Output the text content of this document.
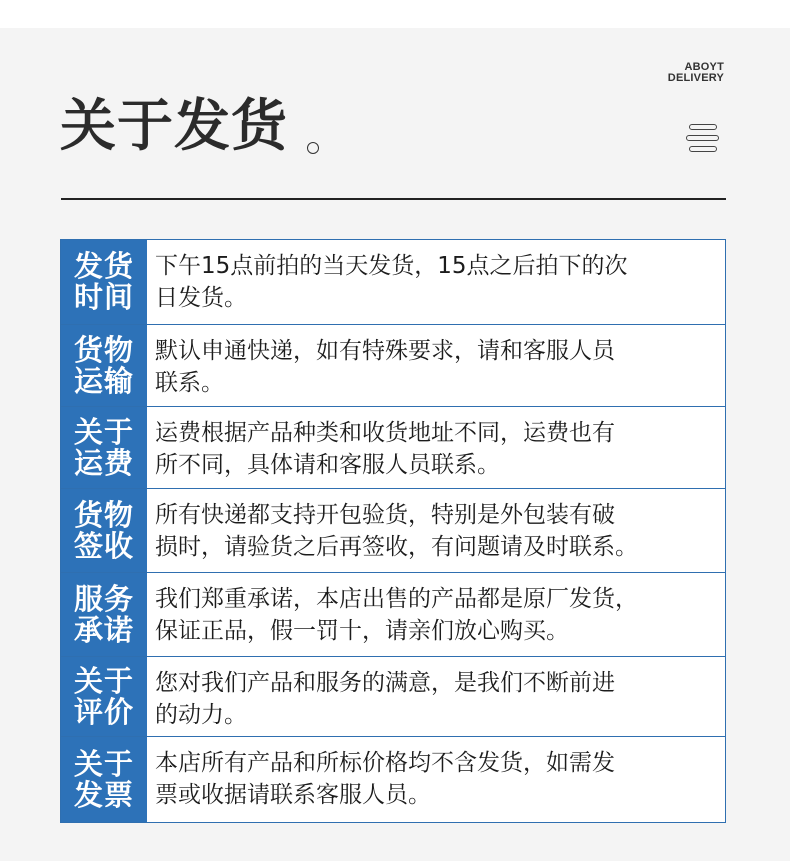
ABOYT
DELIVERY
关于发货
发货
时间
下午15点前拍的当天发货，15点之后拍下的次
日发货。
货物
运输
默认申通快递，如有特殊要求，请和客服人员
联系。
关于
运费
运费根据产品种类和收货地址不同，运费也有
所不同，具体请和客服人员联系。
货物
签收
所有快递都支持开包验货，特别是外包装有破
损时，请验货之后再签收，有问题请及时联系。
服务
承诺
我们郑重承诺，本店出售的产品都是原厂发货，
保证正品，假一罚十，请亲们放心购买。
关于
评价
您对我们产品和服务的满意，是我们不断前进
的动力。
关于
发票
本店所有产品和所标价格均不含发货，如需发
票或收据请联系客服人员。
